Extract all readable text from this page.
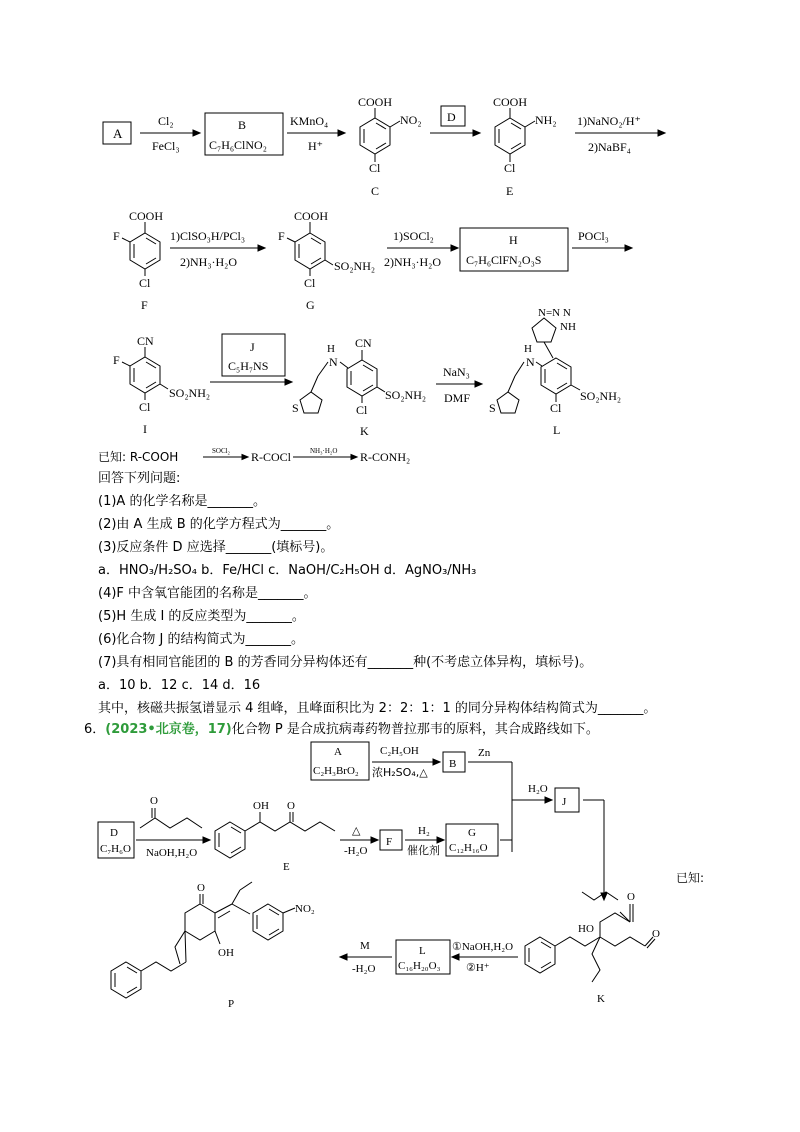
A
Cl₂
FeCl₃
B
C₇H₆ClNO₂
KMnO₄
H⁺
COOH
NO₂
Cl
C
D
COOH
NH₂
Cl
E
1)NaNO₂/H⁺
2)NaBF₄
COOH
F
Cl
F
1)ClSO₃H/PCl₃
2)NH₃·H₂O
COOH
F
SO₂NH₂
Cl
G
1)SOCl₂
2)NH₃·H₂O
H
C₇H₆ClFN₂O₃S
POCl₃
CN
F
SO₂NH₂
Cl
I
J
C₅H₇NS
H
N
CN
S
SO₂NH₂
Cl
K
NaN₃
DMF
N=N N
NH
H
N
S
SO₂NH₂
Cl
L
已知: R-COOH	SOCl₂ R-COCl	NH₃·H₂O R-CONH₂
回答下列问题:
(1)A 的化学名称是_______。
(2)由 A 生成 B 的化学方程式为_______。
(3)反应条件 D 应选择_______(填标号)。
a．HNO₃/H₂SO₄ b．Fe/HCl c．NaOH/C₂H₅OH d．AgNO₃/NH₃
(4)F 中含氧官能团的名称是_______。
(5)H 生成 I 的反应类型为_______。
(6)化合物 J 的结构简式为_______。
(7)具有相同官能团的 B 的芳香同分异构体还有_______种(不考虑立体异构，填标号)。
a．10 b．12 c．14 d．16
其中，核磁共振氢谱显示 4 组峰，且峰面积比为 2：2：1：1 的同分异构体结构简式为_______。
6．(2023•北京卷，17)化合物 P 是合成抗病毒药物普拉那韦的原料，其合成路线如下。
A
C₂H₃BrO₂
C₂H₅OH
浓H₂SO₄,△
B
Zn
D
C₇H₆O
O
NaOH,H₂O
OH O
E
△
-H₂O
F
H₂
催化剂
G
C₁₂H₁₆O
H₂O
J
已知:
O
HO	O
K
①NaOH,H₂O
②H⁺
L
C₁₆H₂₀O₃
M
-H₂O
O
NO₂
OH
P
